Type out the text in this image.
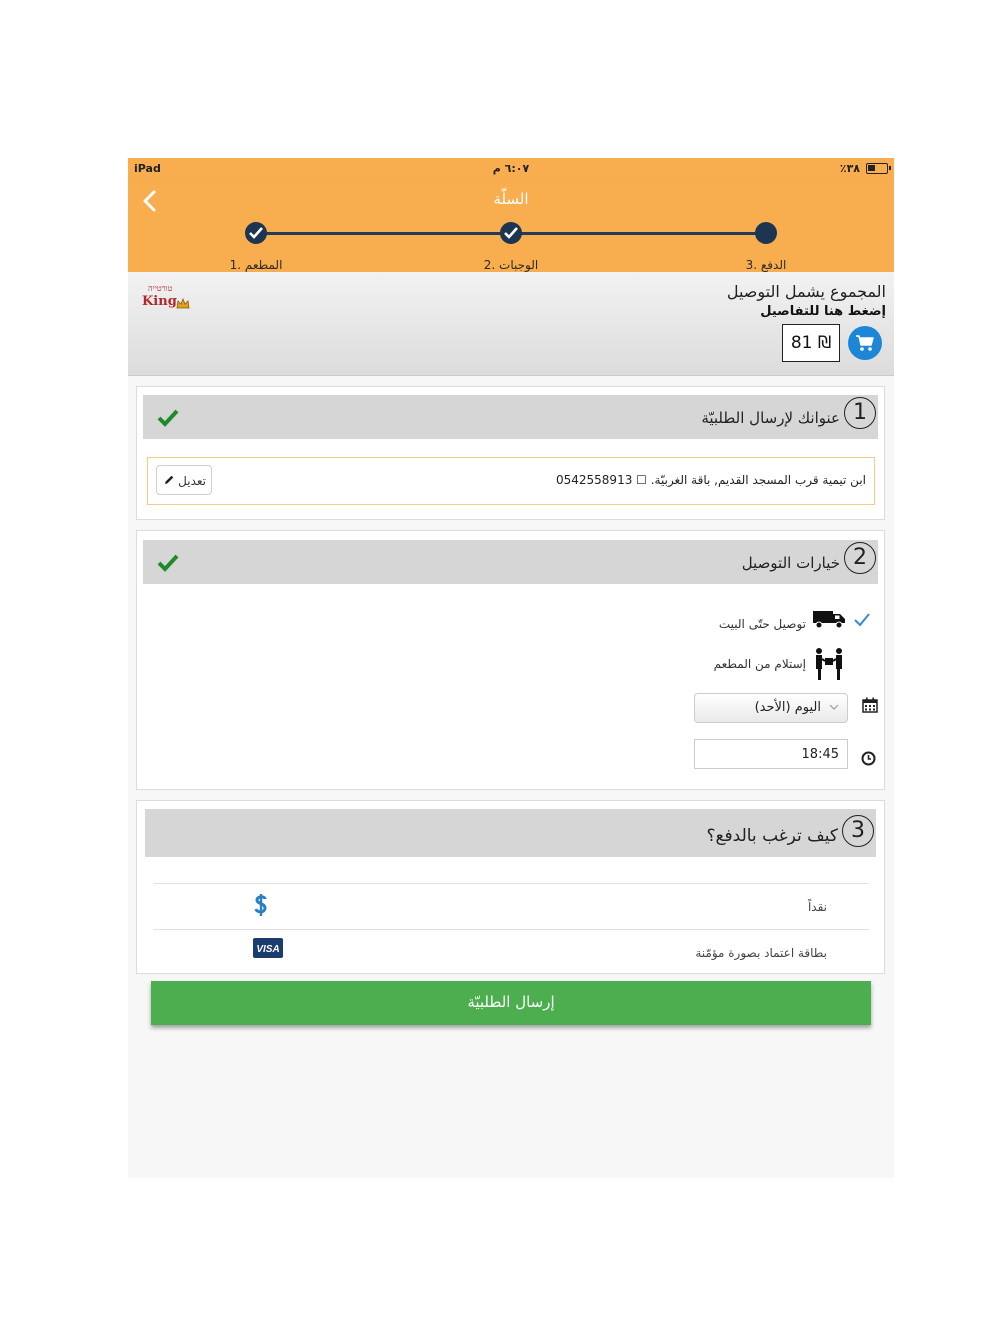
iPad	٦:٠٧ م	٪٣٨
السلّة
1. المطعم	2. الوجبات	3. الدفع
المجموع يشمل التوصيل
إضغط هنا للتفاصيل
81 ₪
טורטייה
King
1
عنوانك لإرسال الطلبيّة
ابن تيمية قرب المسجد القديم, باقة الغربيّة. ☐ 0542558913
تعديل
2
خيارات التوصيل
توصيل حتّى البيت
إستلام من المطعم
اليوم (الأحد)
18:45
3
كيف ترغب بالدفع؟
نقداً
بطاقة اعتماد بصورة مؤمّنة
VISA
إرسال الطلبيّة
